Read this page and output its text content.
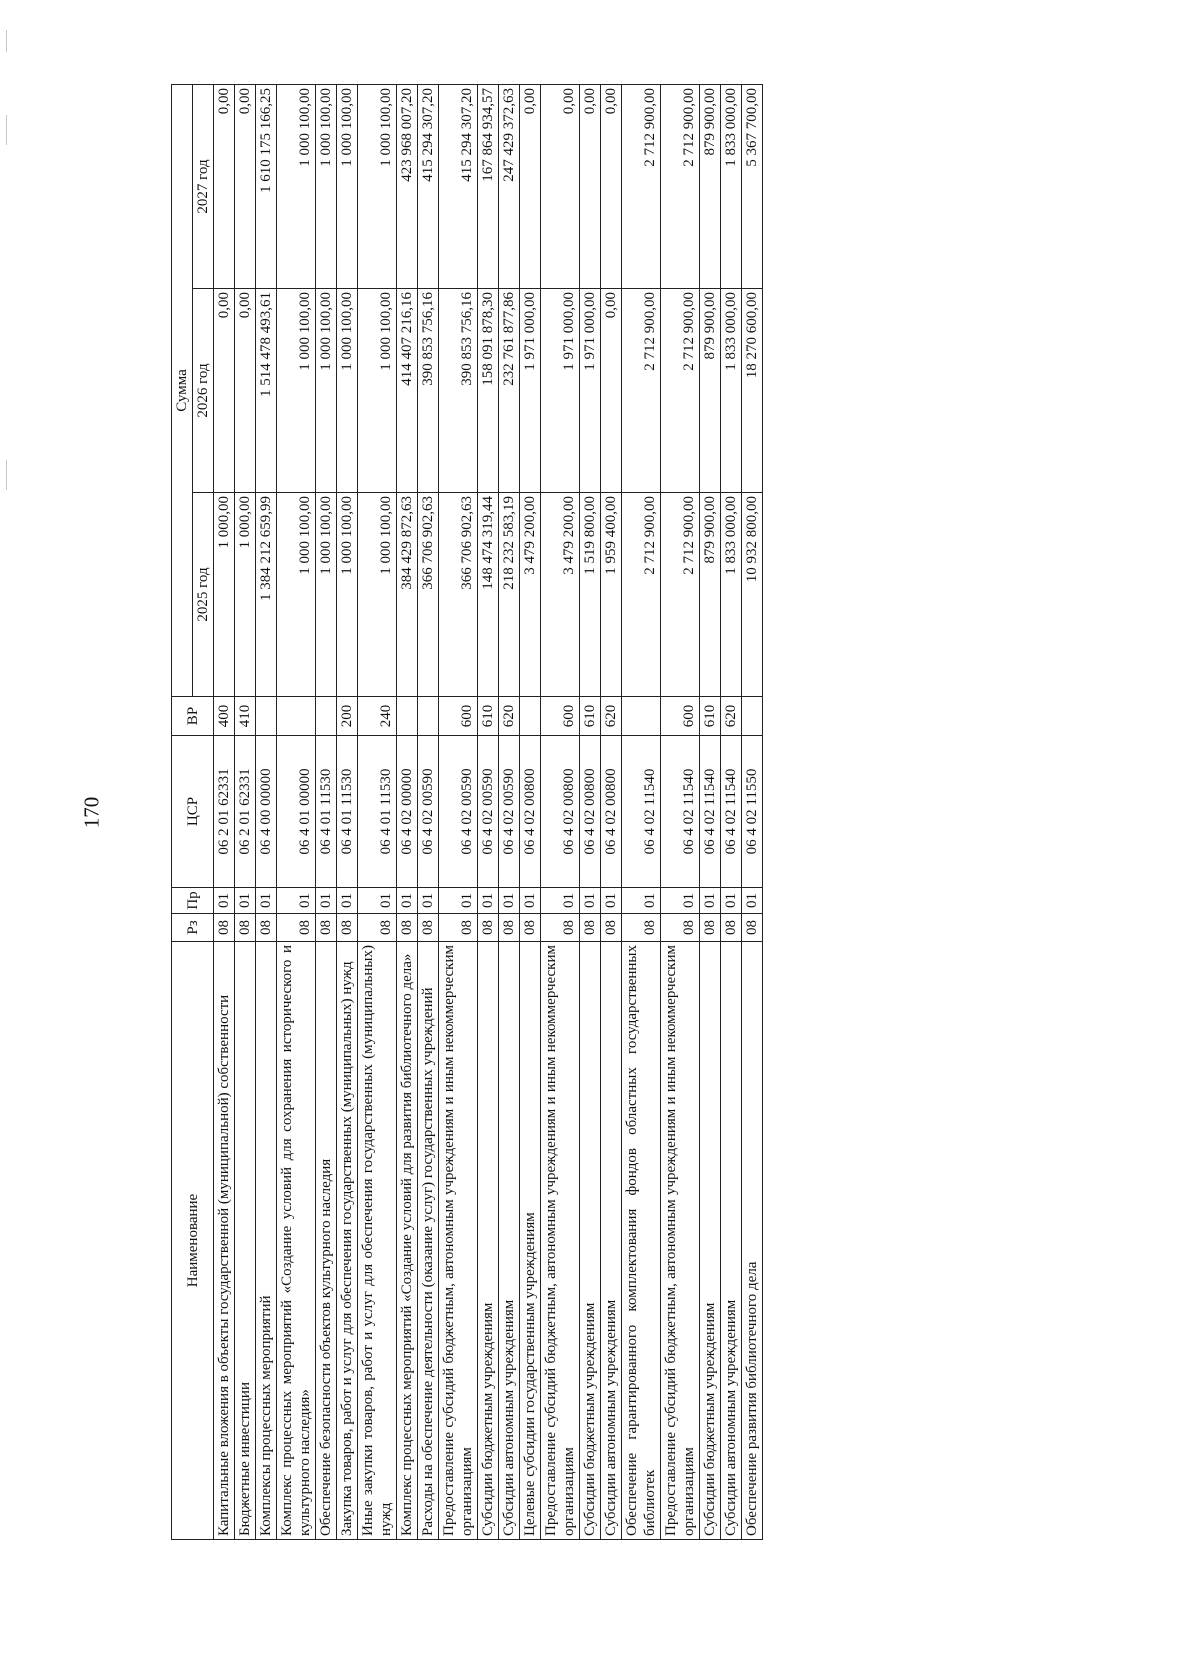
170
Наименование	Рз	Пр	ЦСР	ВР	Сумма		
					2025 год	2026 год	2027 год
Капитальные вложения в объекты государственной (муниципальной) собственности	08	01	06 2 01 62331	400	1 000,00	0,00	0,00
Бюджетные инвестиции	08	01	06 2 01 62331	410	1 000,00	0,00	0,00
Комплексы процессных мероприятий	08	01	06 4 00 00000		1 384 212 659,99	1 514 478 493,61	1 610 175 166,25
Комплекс процессных мероприятий «Создание условий для сохранения исторического и культурного наследия»	08	01	06 4 01 00000		1 000 100,00	1 000 100,00	1 000 100,00
Обеспечение безопасности объектов культурного наследия	08	01	06 4 01 11530		1 000 100,00	1 000 100,00	1 000 100,00
Закупка товаров, работ и услуг для обеспечения государственных (муниципальных) нужд	08	01	06 4 01 11530	200	1 000 100,00	1 000 100,00	1 000 100,00
Иные закупки товаров, работ и услуг для обеспечения государственных (муниципальных) нужд	08	01	06 4 01 11530	240	1 000 100,00	1 000 100,00	1 000 100,00
Комплекс процессных мероприятий «Создание условий для развития библиотечного дела»	08	01	06 4 02 00000		384 429 872,63	414 407 216,16	423 968 007,20
Расходы на обеспечение деятельности (оказание услуг) государственных учреждений	08	01	06 4 02 00590		366 706 902,63	390 853 756,16	415 294 307,20
Предоставление субсидий бюджетным, автономным учреждениям и иным некоммерческим организациям	08	01	06 4 02 00590	600	366 706 902,63	390 853 756,16	415 294 307,20
Субсидии бюджетным учреждениям	08	01	06 4 02 00590	610	148 474 319,44	158 091 878,30	167 864 934,57
Субсидии автономным учреждениям	08	01	06 4 02 00590	620	218 232 583,19	232 761 877,86	247 429 372,63
Целевые субсидии государственным учреждениям	08	01	06 4 02 00800		3 479 200,00	1 971 000,00	0,00
Предоставление субсидий бюджетным, автономным учреждениям и иным некоммерческим организациям	08	01	06 4 02 00800	600	3 479 200,00	1 971 000,00	0,00
Субсидии бюджетным учреждениям	08	01	06 4 02 00800	610	1 519 800,00	1 971 000,00	0,00
Субсидии автономным учреждениям	08	01	06 4 02 00800	620	1 959 400,00	0,00	0,00
Обеспечение гарантированного комплектования фондов областных государственных библиотек	08	01	06 4 02 11540		2 712 900,00	2 712 900,00	2 712 900,00
Предоставление субсидий бюджетным, автономным учреждениям и иным некоммерческим организациям	08	01	06 4 02 11540	600	2 712 900,00	2 712 900,00	2 712 900,00
Субсидии бюджетным учреждениям	08	01	06 4 02 11540	610	879 900,00	879 900,00	879 900,00
Субсидии автономным учреждениям	08	01	06 4 02 11540	620	1 833 000,00	1 833 000,00	1 833 000,00
Обеспечение развития библиотечного дела	08	01	06 4 02 11550		10 932 800,00	18 270 600,00	5 367 700,00
